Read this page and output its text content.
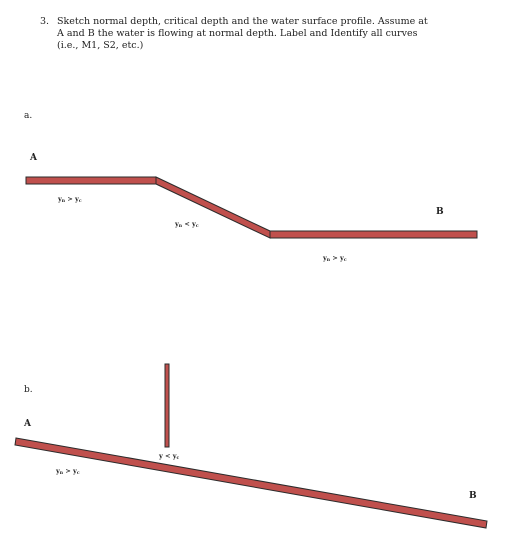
3. Sketch normal depth, critical depth and the water surface profile. Assume at
A and B the water is flowing at normal depth. Label and Identify all curves
(i.e., M1, S2, etc.)
a.
A
B
$y_n > y_c$
$y_n < y_c$
$y_n > y_c$
b.
A
B
$y < y_c$
$y_n > y_c$
